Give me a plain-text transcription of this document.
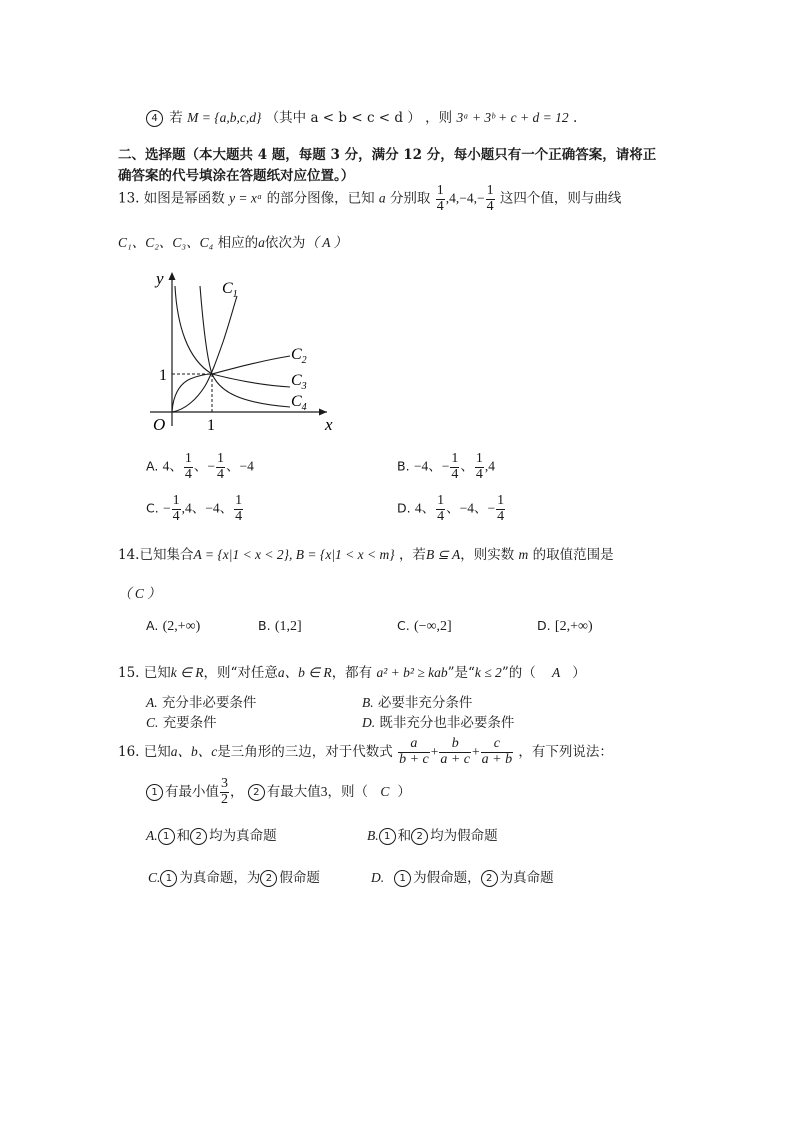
4 若 M = {a,b,c,d} （其中 a < b < c < d ） ，则 3ᵃ + 3ᵇ + c + d = 12 .
二、选择题（本大题共 4 题，每题 3 分，满分 12 分，每小题只有一个正确答案，请将正
确答案的代号填涂在答题纸对应位置。）
13. 如图是幂函数 y = xᵃ 的部分图像，已知 a 分别取 $\frac{1}{4} ,4,-4,- \frac{1}{4}$ 这四个值，则与曲线
C₁、C₂、C₃、C₄ 相应的a依次为（ A ）
y
x
O	1
1
$C_1$
$C_2$
$C_3$
$C_4$
A. 4、 $\frac{1}{4}$ 、− $\frac{1}{4}$ 、−4	B. −4、− $\frac{1}{4}$ 、 $\frac{1}{4} ,4$
C. − $\frac{1}{4} ,4$、−4、 $\frac{1}{4}$	D. 4、 $\frac{1}{4}$ 、−4、− $\frac{1}{4}$
14.已知集合A = {x|1 < x < 2}, B = {x|1 < x < m} ，若B ⊆ A，则实数 m 的取值范围是
（ C ）
A. (2,+∞)	B. (1,2]	C. (−∞,2]	D. [2,+∞)
15. 已知k ∈ R，则“对任意a、b ∈ R，都有 a² + b² ≥ kab”是“k ≤ 2”的（ A ）
A. 充分非必要条件	B. 必要非充分条件
C. 充要条件	D. 既非充分也非必要条件
16. 已知a、b、c是三角形的三边，对于代数式 $\frac{a}{b + c} + \frac{b}{a + c} + \frac{c}{a + b}$ ，有下列说法：
1 有最小值 $\frac{3}{2}$ ， 2 有最大值3，则（ C ）
A. 1 和 2 均为真命题	B. 1 和 2 均为假命题
C. 1 为真命题，为 2 假命题	D. 1 为假命题， 2 为真命题
